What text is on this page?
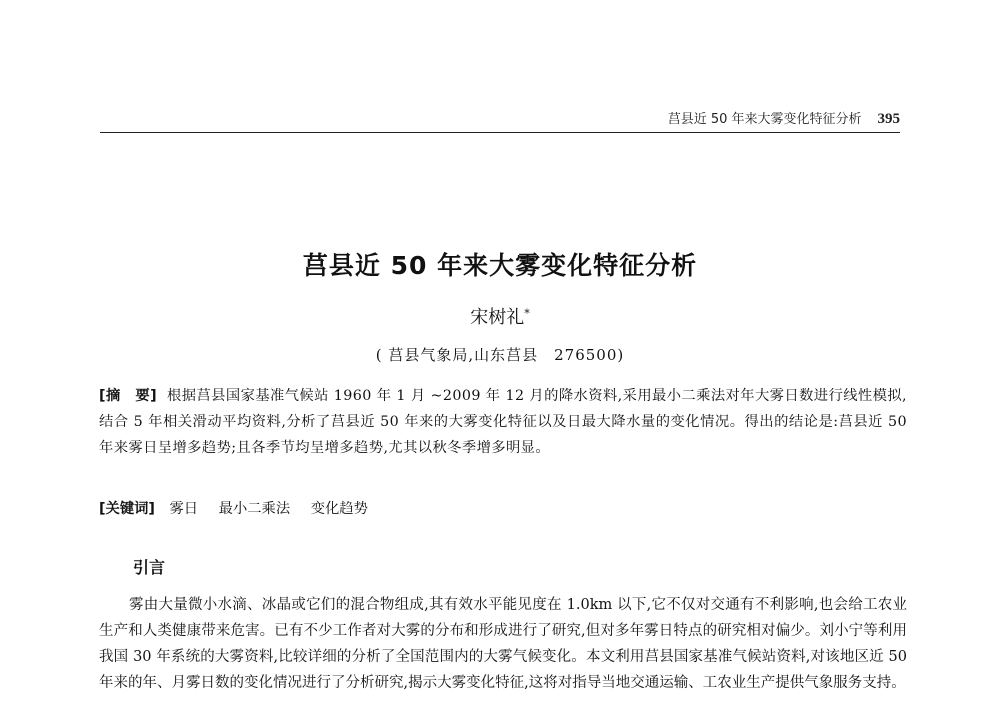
莒县近 50 年来大雾变化特征分析 395
莒县近 50 年来大雾变化特征分析
宋树礼*
( 莒县气象局,山东莒县　276500)
[摘　要] 根据莒县国家基准气候站 1960 年 1 月 ~2009 年 12 月的降水资料,采用最小二乘法对年大雾日数进行线性模拟,结合 5 年相关滑动平均资料,分析了莒县近 50 年来的大雾变化特征以及日最大降水量的变化情况。得出的结论是:莒县近 50 年来雾日呈增多趋势;且各季节均呈增多趋势,尤其以秋冬季增多明显。
[关键词] 雾日 最小二乘法 变化趋势
引言
雾由大量微小水滴、冰晶或它们的混合物组成,其有效水平能见度在 1.0km 以下,它不仅对交通有不利影响,也会给工农业生产和人类健康带来危害。已有不少工作者对大雾的分布和形成进行了研究,但对多年雾日特点的研究相对偏少。刘小宁等利用我国 30 年系统的大雾资料,比较详细的分析了全国范围内的大雾气候变化。本文利用莒县国家基准气候站资料,对该地区近 50 年来的年、月雾日数的变化情况进行了分析研究,揭示大雾变化特征,这将对指导当地交通运输、工农业生产提供气象服务支持。
